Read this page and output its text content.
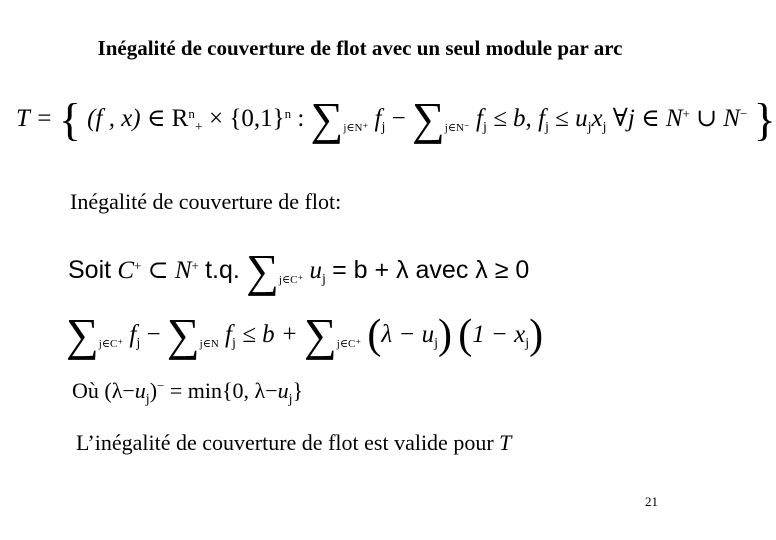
Inégalité de couverture de flot avec un seul module par arc
T = { (f , x) ∈ $R^n_+ \times \{0,1\}^n$ : $\sum_{j\in N^+}$ $f_j - \sum_{j\in N^-}$ $f_j \le b$, $f_j \le u_jx_j$ ∀j ∈ N+ ∪ N− }
Inégalité de couverture de flot:
Soit C+ ⊂ N+ t.q. $\sum_{j\in C^+}$ $u_j = b + \lambda$ avec λ ≥ 0
$\sum_{j\in C^+}$ $f_j - \sum_{j\in N}$ $f_j \le b + \sum_{j\in C^+}$ $(\lambda - u_j)$ $(1 - x_j)$
Où $(\lambda-u_j)^- = \min\{0$, $\lambda-u_j$}
L’inégalité de couverture de flot est valide pour T
21
